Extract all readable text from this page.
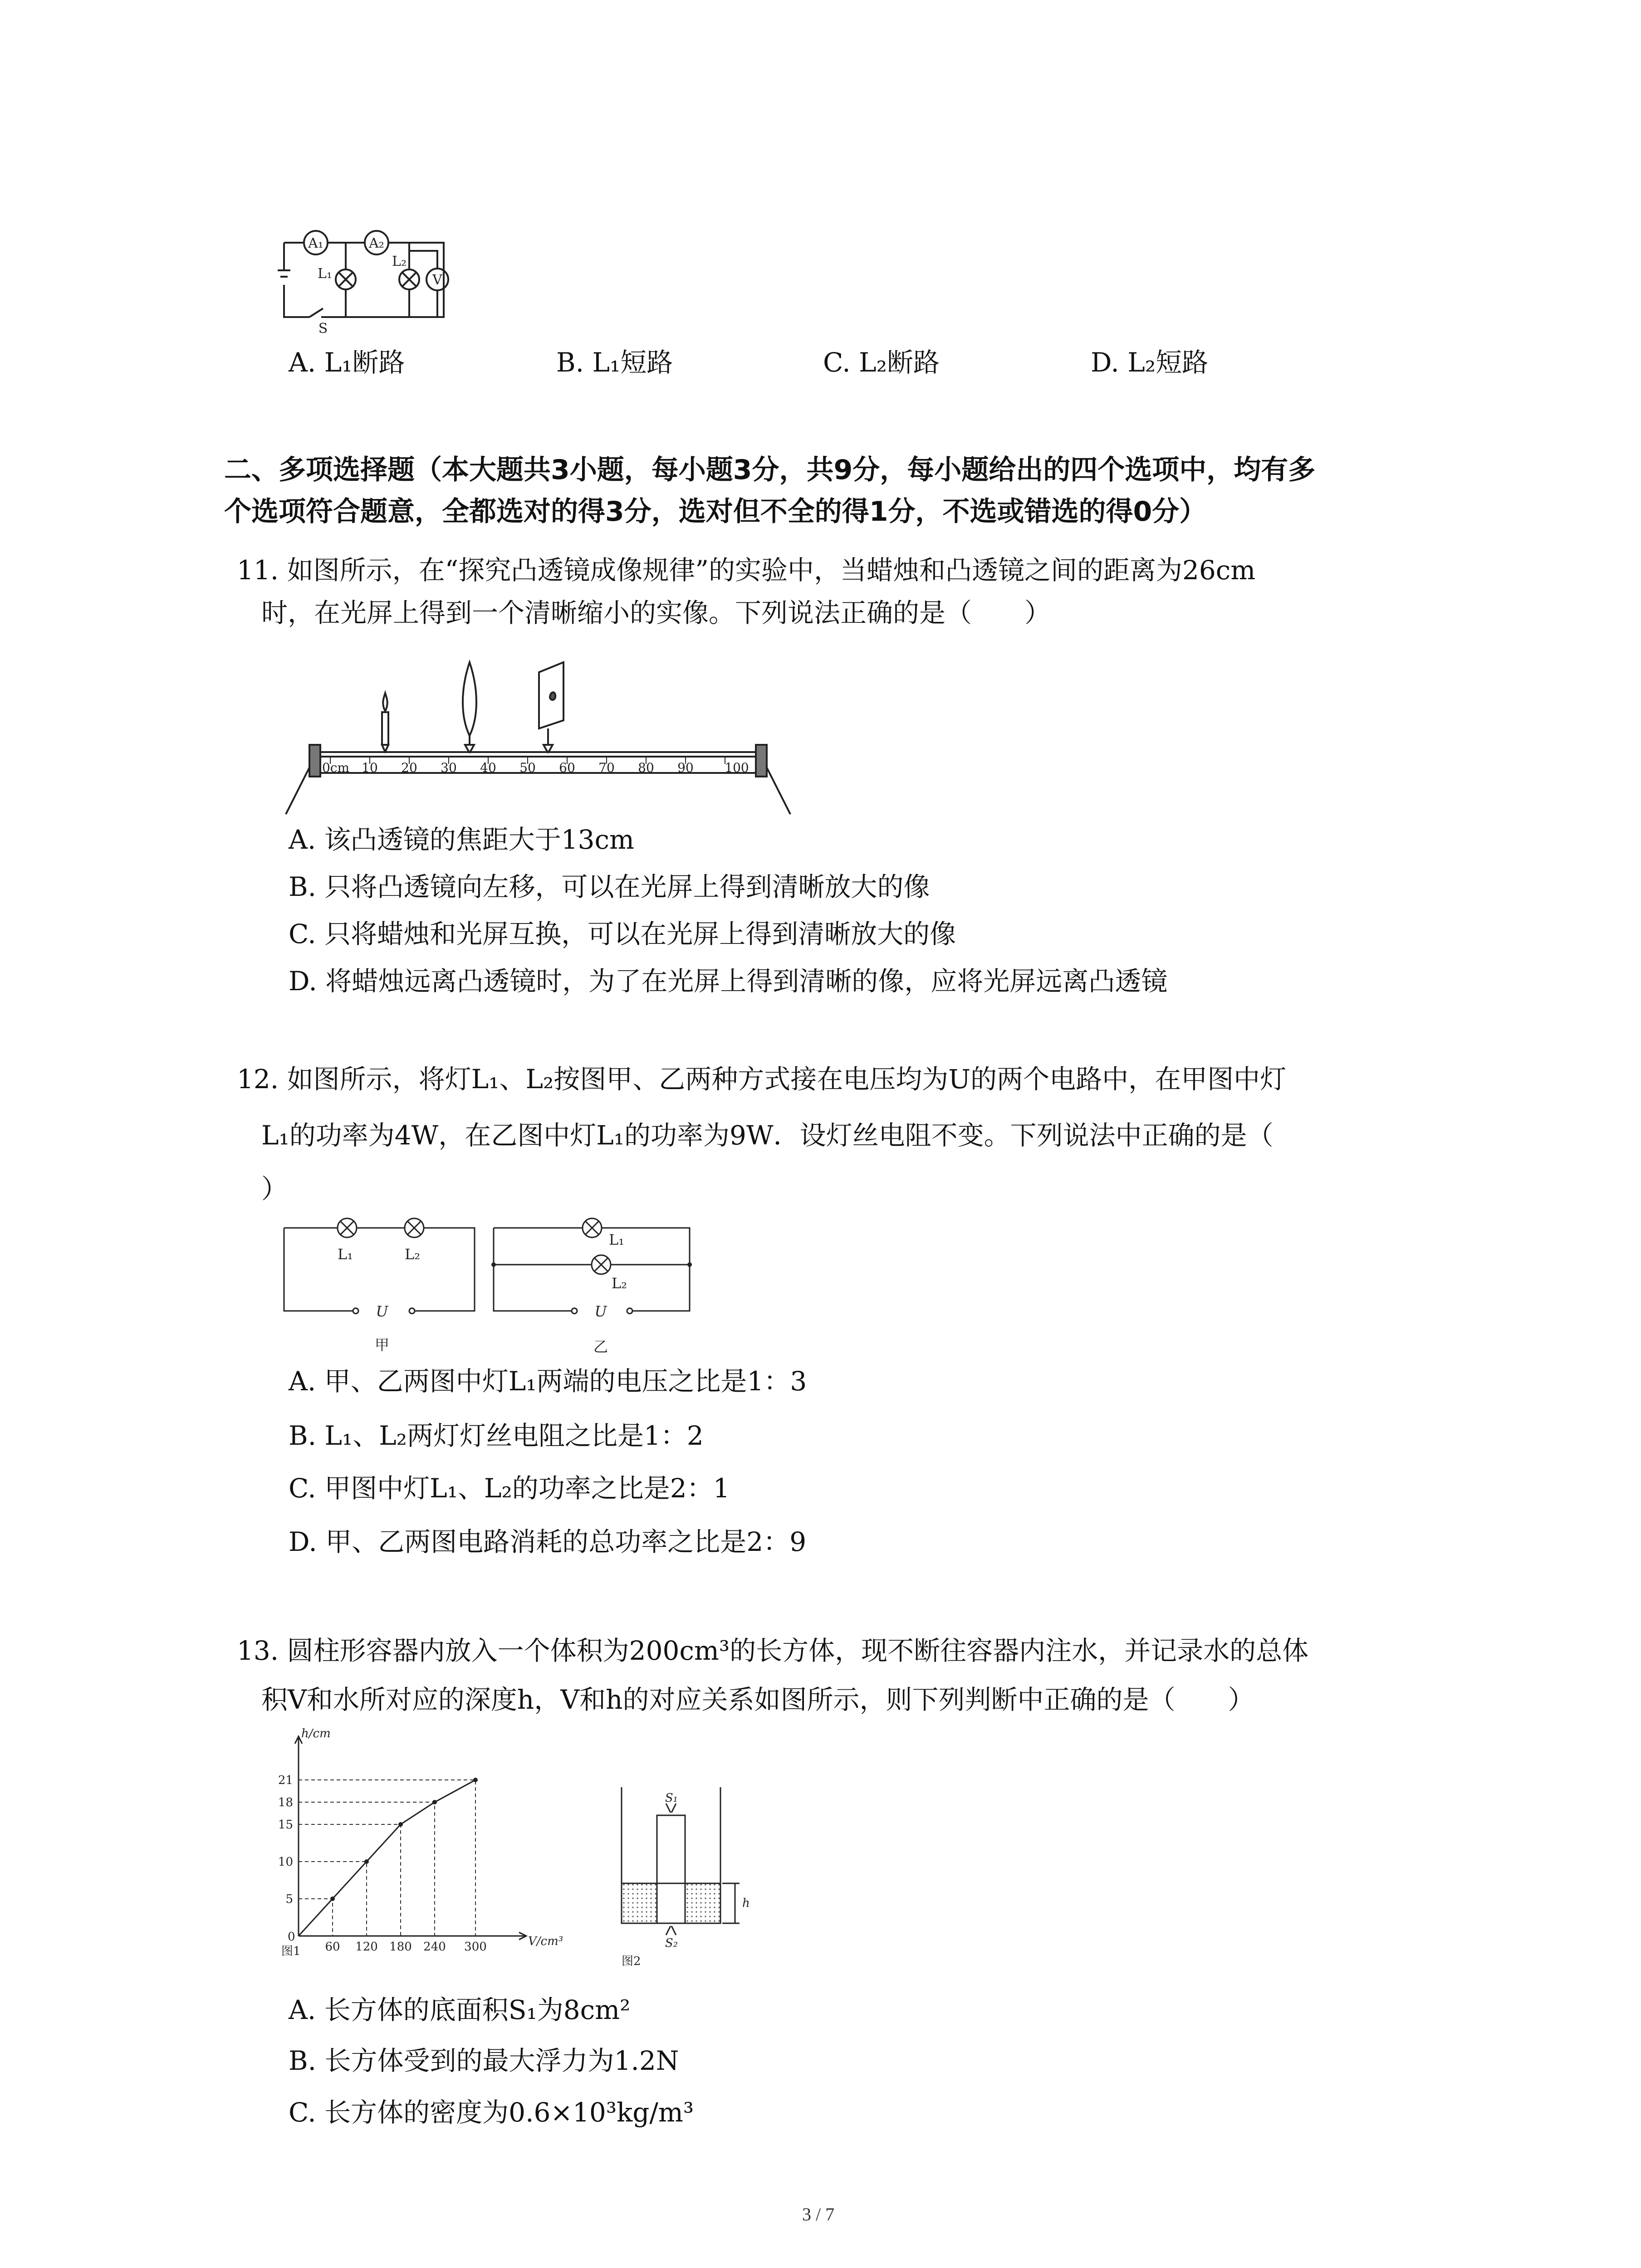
A₁	A₂
L₁
L₂
V
S
A. L₁断路	B. L₁短路	C. L₂断路	D. L₂短路
二、多项选择题（本大题共3小题，每小题3分，共9分，每小题给出的四个选项中，均有多
个选项符合题意，全都选对的得3分，选对但不全的得1分，不选或错选的得0分）
11. 如图所示，在“探究凸透镜成像规律”的实验中，当蜡烛和凸透镜之间的距离为26cm
时，在光屏上得到一个清晰缩小的实像。下列说法正确的是（　　）
0cm 10 20 30 40 50 60 70 80 90 100
A. 该凸透镜的焦距大于13cm
B. 只将凸透镜向左移，可以在光屏上得到清晰放大的像
C. 只将蜡烛和光屏互换，可以在光屏上得到清晰放大的像
D. 将蜡烛远离凸透镜时，为了在光屏上得到清晰的像，应将光屏远离凸透镜
12. 如图所示，将灯L₁、L₂按图甲、乙两种方式接在电压均为U的两个电路中，在甲图中灯
L₁的功率为4W，在乙图中灯L₁的功率为9W．设灯丝电阻不变。下列说法中正确的是（
）
L₁	L₂
L₁
L₂
U	U
甲	乙
A. 甲、乙两图中灯L₁两端的电压之比是1：3
B. L₁、L₂两灯灯丝电阻之比是1：2
C. 甲图中灯L₁、L₂的功率之比是2：1
D. 甲、乙两图电路消耗的总功率之比是2：9
13. 圆柱形容器内放入一个体积为200cm³的长方体，现不断往容器内注水，并记录水的总体
积V和水所对应的深度h，V和h的对应关系如图所示，则下列判断中正确的是（　　）
h/cm
V/cm³
0
5
10
15
18
21
60 120 180 240 300
图1
S₁
S₂
h
图2
A. 长方体的底面积S₁为8cm²
B. 长方体受到的最大浮力为1.2N
C. 长方体的密度为0.6×10³kg/m³
3 / 7
